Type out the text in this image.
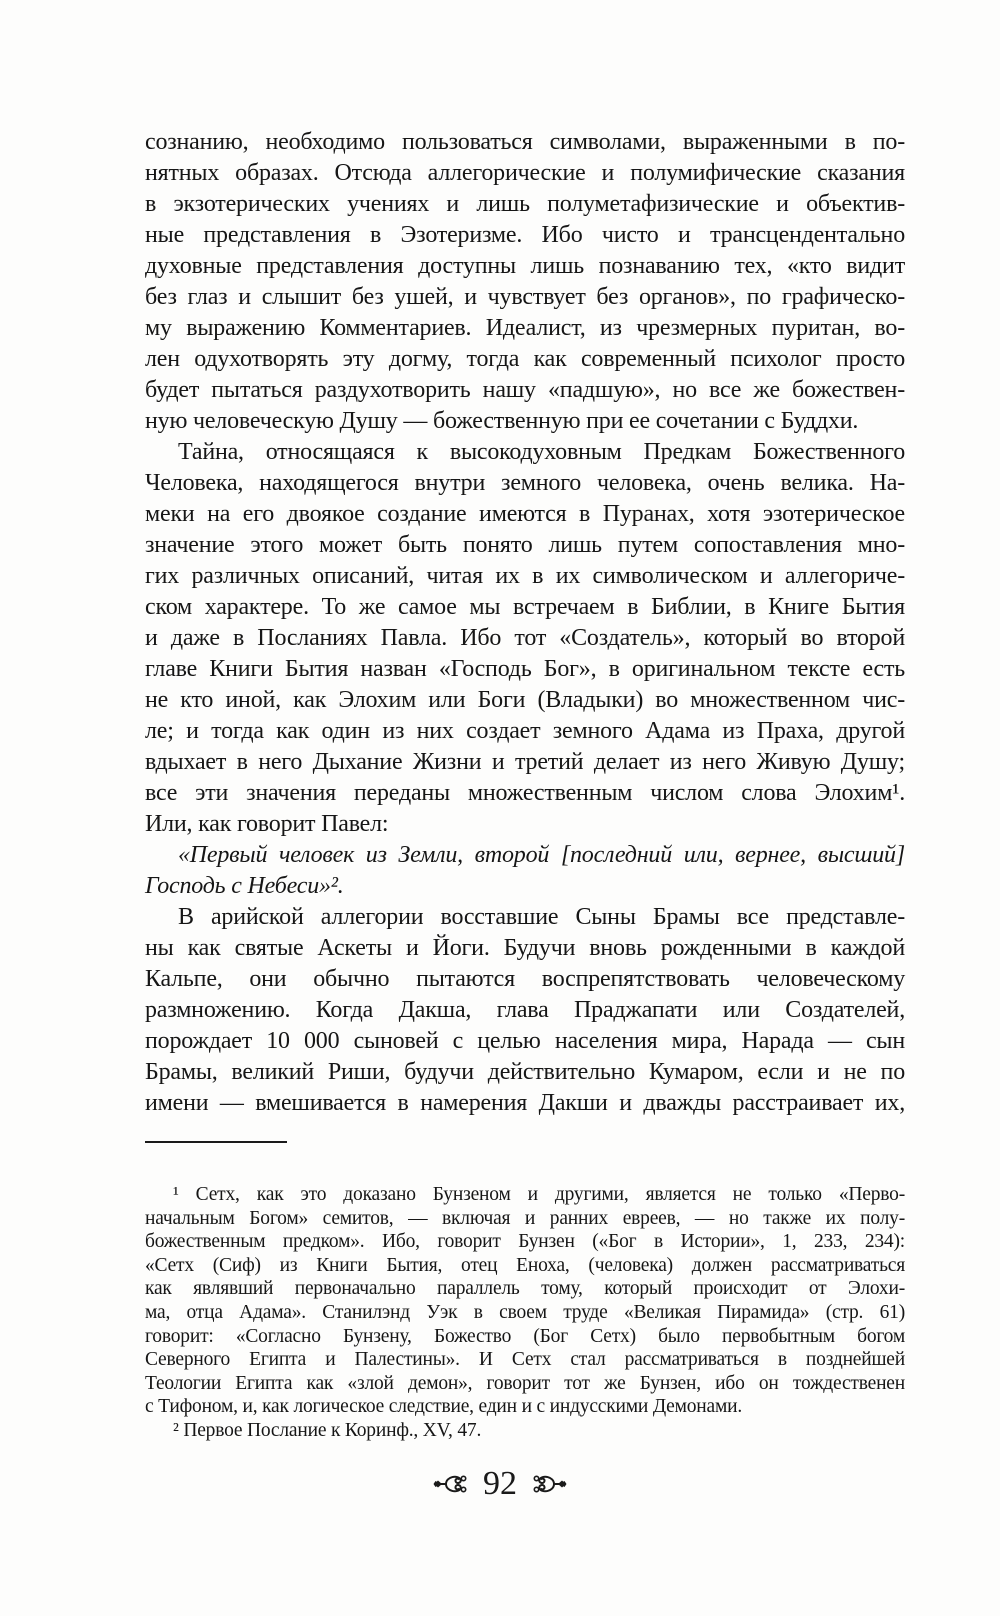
сознанию, необходимо пользоваться символами, выраженными в по-
нятных образах. Отсюда аллегорические и полумифические сказания
в экзотерических учениях и лишь полуметафизические и объектив-
ные представления в Эзотеризме. Ибо чисто и трансцендентально
духовные представления доступны лишь познаванию тех, «кто видит
без глаз и слышит без ушей, и чувствует без органов», по графическо-
му выражению Комментариев. Идеалист, из чрезмерных пуритан, во-
лен одухотворять эту догму, тогда как современный психолог просто
будет пытаться раздухотворить нашу «падшую», но все же божествен-
ную человеческую Душу — божественную при ее сочетании с Буддхи.
Тайна, относящаяся к высокодуховным Предкам Божественного
Человека, находящегося внутри земного человека, очень велика. На-
меки на его двоякое создание имеются в Пуранах, хотя эзотерическое
значение этого может быть понято лишь путем сопоставления мно-
гих различных описаний, читая их в их символическом и аллегориче-
ском характере. То же самое мы встречаем в Библии, в Книге Бытия
и даже в Посланиях Павла. Ибо тот «Создатель», который во второй
главе Книги Бытия назван «Господь Бог», в оригинальном тексте есть
не кто иной, как Элохим или Боги (Владыки) во множественном чис-
ле; и тогда как один из них создает земного Адама из Праха, другой
вдыхает в него Дыхание Жизни и третий делает из него Живую Душу;
все эти значения переданы множественным числом слова Элохим¹.
Или, как говорит Павел:
«Первый человек из Земли, второй [последний или, вернее, высший]
Господь с Небеси»².
В арийской аллегории восставшие Сыны Брамы все представле-
ны как святые Аскеты и Йоги. Будучи вновь рожденными в каждой
Кальпе, они обычно пытаются воспрепятствовать человеческому
размножению. Когда Дакша, глава Праджапати или Создателей,
порождает 10 000 сыновей с целью населения мира, Нарада — сын
Брамы, великий Риши, будучи действительно Кумаром, если и не по
имени — вмешивается в намерения Дакши и дважды расстраивает их,
¹ Сетх, как это доказано Бунзеном и другими, является не только «Перво-
начальным Богом» семитов, — включая и ранних евреев, — но также их полу-
божественным предком». Ибо, говорит Бунзен («Бог в Истории», 1, 233, 234):
«Сетх (Сиф) из Книги Бытия, отец Еноха, (человека) должен рассматриваться
как являвший первоначально параллель тому, который происходит от Элохи-
ма, отца Адама». Станилэнд Уэк в своем труде «Великая Пирамида» (стр. 61)
говорит: «Согласно Бунзену, Божество (Бог Сетх) было первобытным богом
Северного Египта и Палестины». И Сетх стал рассматриваться в позднейшей
Теологии Египта как «злой демон», говорит тот же Бунзен, ибо он тождественен
с Тифоном, и, как логическое следствие, един и с индусскими Демонами.
² Первое Послание к Коринф., XV, 47.
92
